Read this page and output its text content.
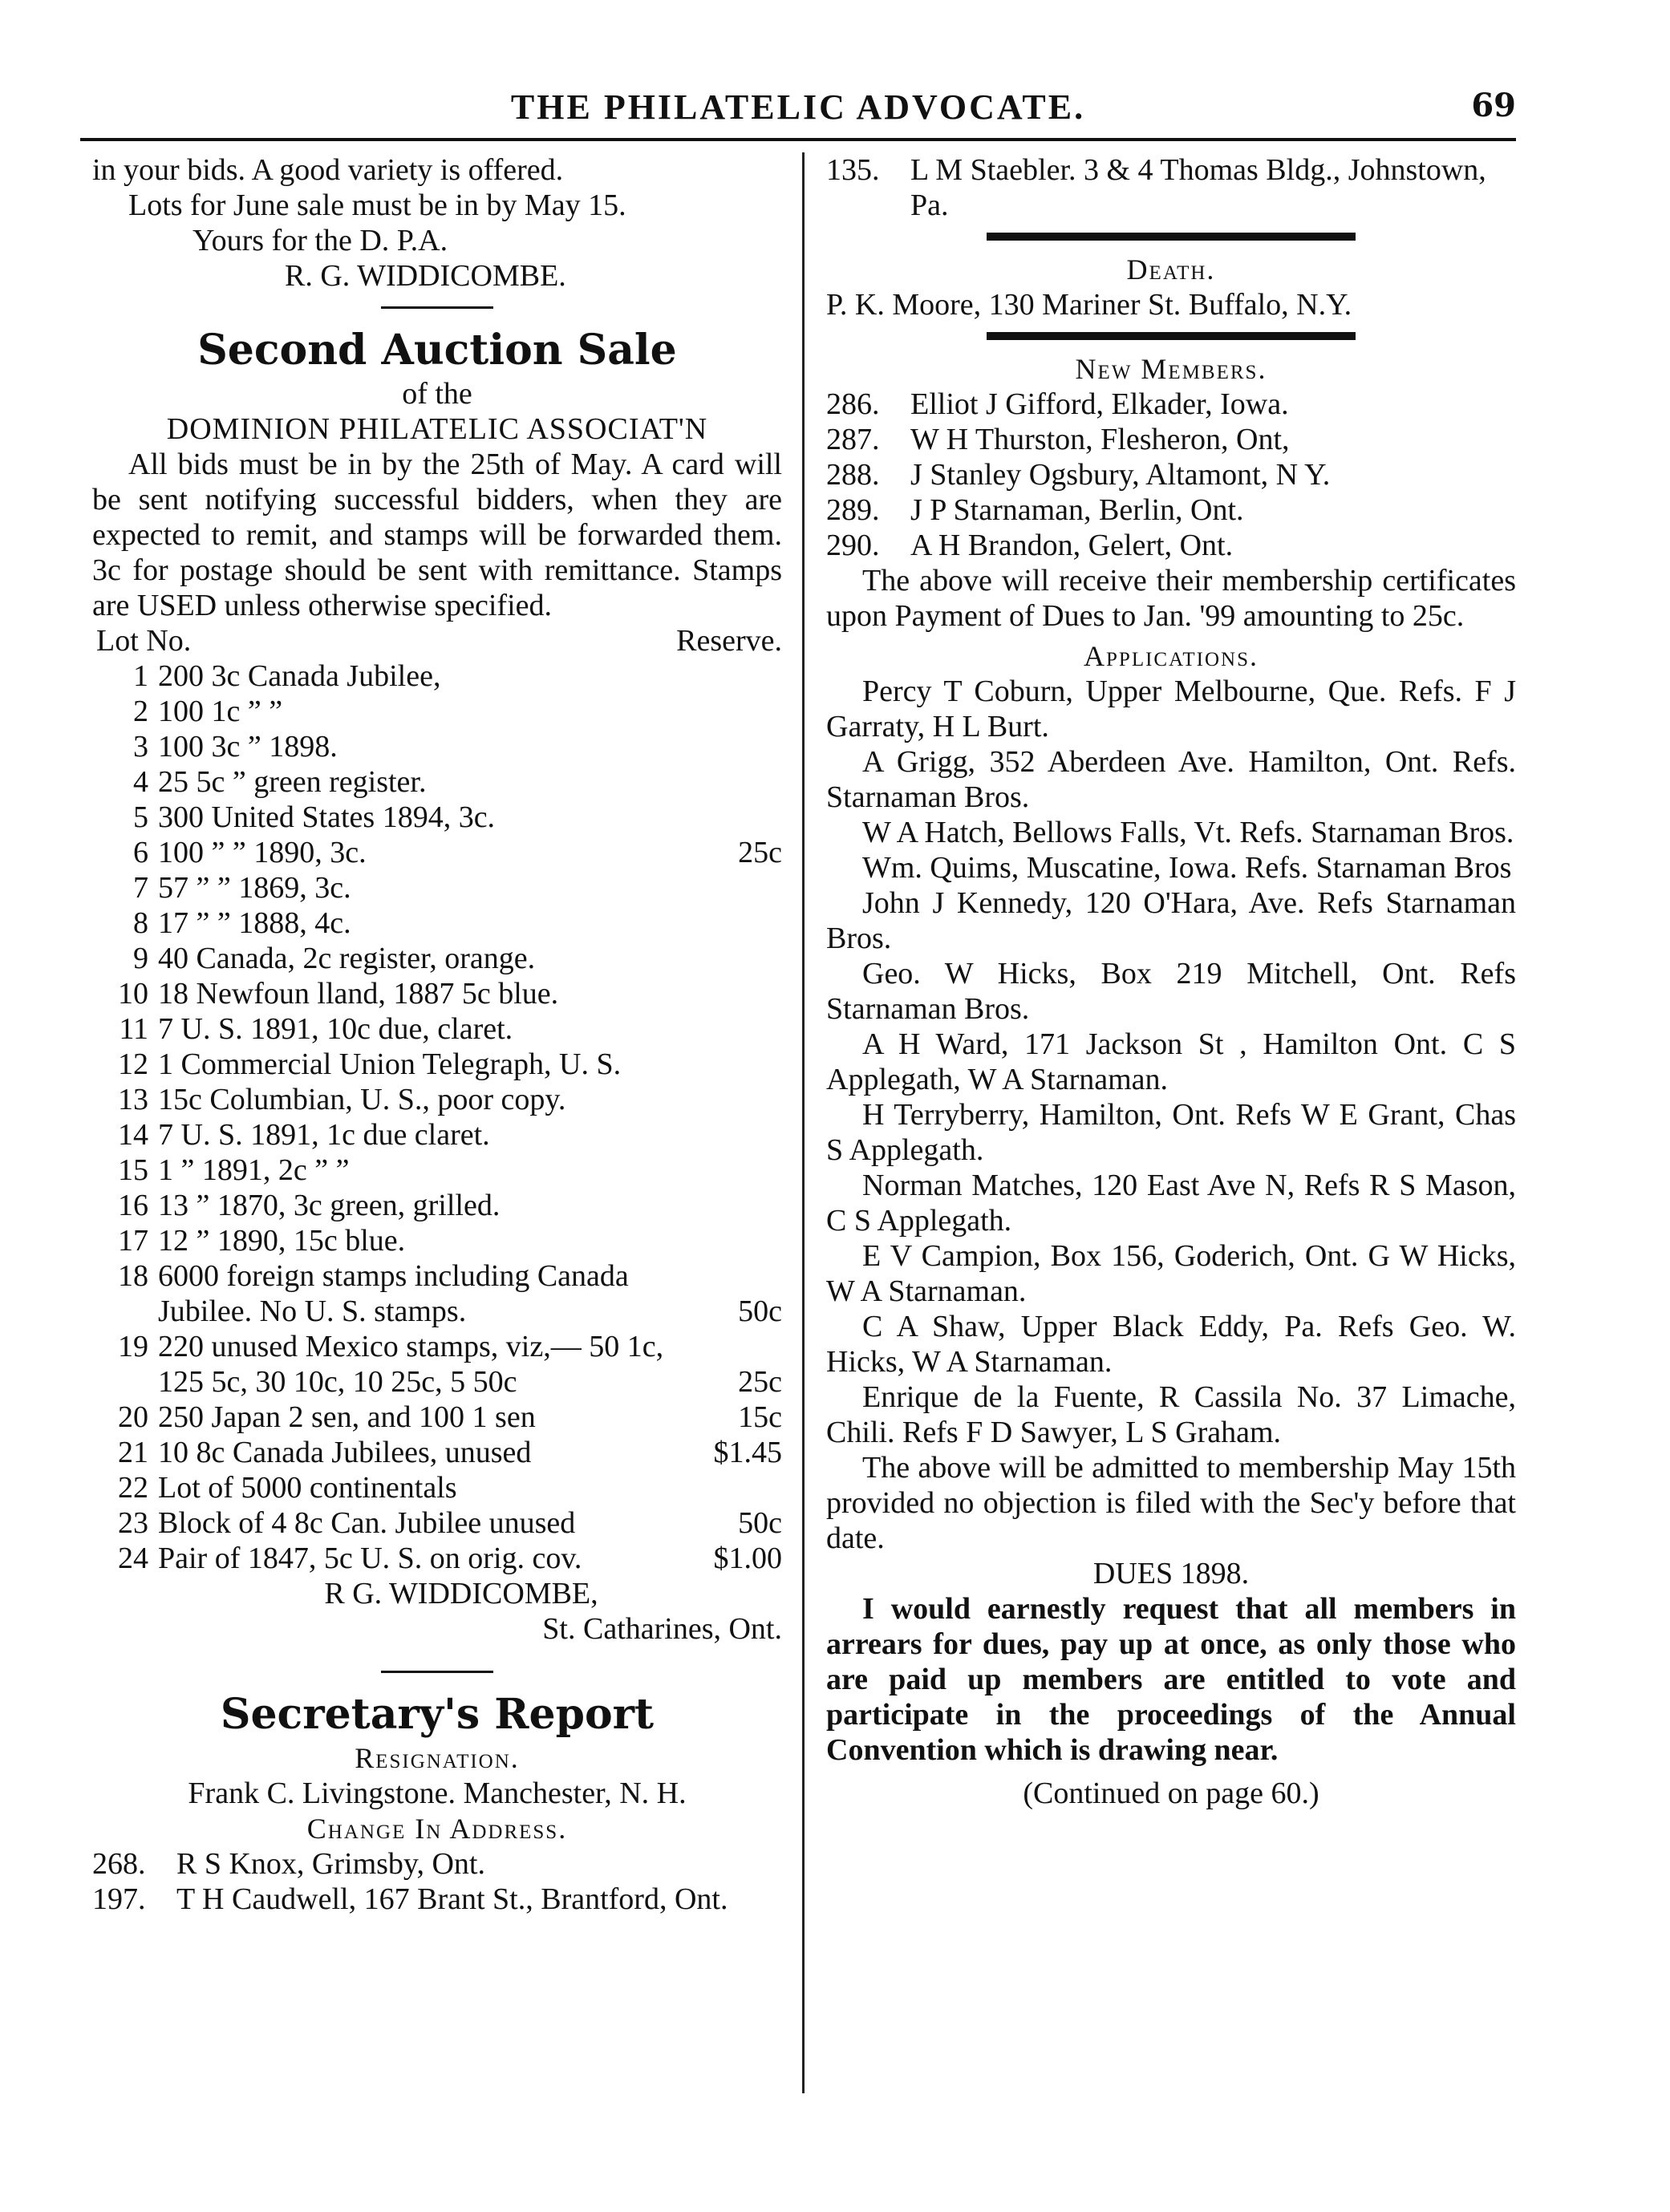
THE PHILATELIC ADVOCATE.	69

in your bids. A good variety is offered.

Lots for June sale must be in by May 15.

Yours for the D. P.A.

R. G. WIDDICOMBE.

Second Auction Sale

of the

DOMINION PHILATELIC ASSOCIAT'N

All bids must be in by the 25th of May. A card will be sent notifying successful bidders, when they are expected to remit, and stamps will be forwarded them. 3c for postage should be sent with remittance. Stamps are USED unless otherwise specified.

Lot No.	Reserve.
1 200 3c Canada Jubilee,
2 100 1c ” ”
3 100 3c ” 1898.
4 25 5c ” green register.
5 300 United States 1894, 3c.
6 100 ” ” 1890, 3c.	25c
7 57 ” ” 1869, 3c.
8 17 ” ” 1888, 4c.
9 40 Canada, 2c register, orange.
10 18 Newfoun lland, 1887 5c blue.
11 7 U. S. 1891, 10c due, claret.
12 1 Commercial Union Telegraph, U. S.
13 15c Columbian, U. S., poor copy.
14 7 U. S. 1891, 1c due claret.
15 1 ” 1891, 2c ” ”
16 13 ” 1870, 3c green, grilled.
17 12 ” 1890, 15c blue.
18 6000 foreign stamps including Canada Jubilee. No U. S. stamps.	50c
19 220 unused Mexico stamps, viz,— 50 1c, 125 5c, 30 10c, 10 25c, 5 50c	25c
20 250 Japan 2 sen, and 100 1 sen	15c
21 10 8c Canada Jubilees, unused	$1.45
22 Lot of 5000 continentals
23 Block of 4 8c Can. Jubilee unused	50c
24 Pair of 1847, 5c U. S. on orig. cov.	$1.00

R G. WIDDICOMBE,

St. Catharines, Ont.

Secretary's Report

Resignation.

Frank C. Livingstone. Manchester, N. H.

Change In Address.

268.	R S Knox, Grimsby, Ont.
197.	T H Caudwell, 167 Brant St., Brantford, Ont.
135.	L M Staebler. 3 & 4 Thomas Bldg., Johnstown, Pa.

Death.

P. K. Moore, 130 Mariner St. Buffalo, N.Y.

New Members.

286.	Elliot J Gifford, Elkader, Iowa.
287.	W H Thurston, Flesheron, Ont,
288.	J Stanley Ogsbury, Altamont, N Y.
289.	J P Starnaman, Berlin, Ont.
290.	A H Brandon, Gelert, Ont.

The above will receive their membership certificates upon Payment of Dues to Jan. '99 amounting to 25c.

Applications.

Percy T Coburn, Upper Melbourne, Que. Refs. F J Garraty, H L Burt.

A Grigg, 352 Aberdeen Ave. Hamilton, Ont. Refs. Starnaman Bros.

W A Hatch, Bellows Falls, Vt. Refs. Starnaman Bros.

Wm. Quims, Muscatine, Iowa. Refs. Starnaman Bros

John J Kennedy, 120 O'Hara, Ave. Refs Starnaman Bros.

Geo. W Hicks, Box 219 Mitchell, Ont. Refs Starnaman Bros.

A H Ward, 171 Jackson St , Hamilton Ont. C S Applegath, W A Starnaman.

H Terryberry, Hamilton, Ont. Refs W E Grant, Chas S Applegath.

Norman Matches, 120 East Ave N, Refs R S Mason, C S Applegath.

E V Campion, Box 156, Goderich, Ont. G W Hicks, W A Starnaman.

C A Shaw, Upper Black Eddy, Pa. Refs Geo. W. Hicks, W A Starnaman.

Enrique de la Fuente, R Cassila No. 37 Limache, Chili. Refs F D Sawyer, L S Graham.

The above will be admitted to membership May 15th provided no objection is filed with the Sec'y before that date.

DUES 1898.

I would earnestly request that all members in arrears for dues, pay up at once, as only those who are paid up members are entitled to vote and participate in the proceedings of the Annual Convention which is drawing near.

(Continued on page 60.)
